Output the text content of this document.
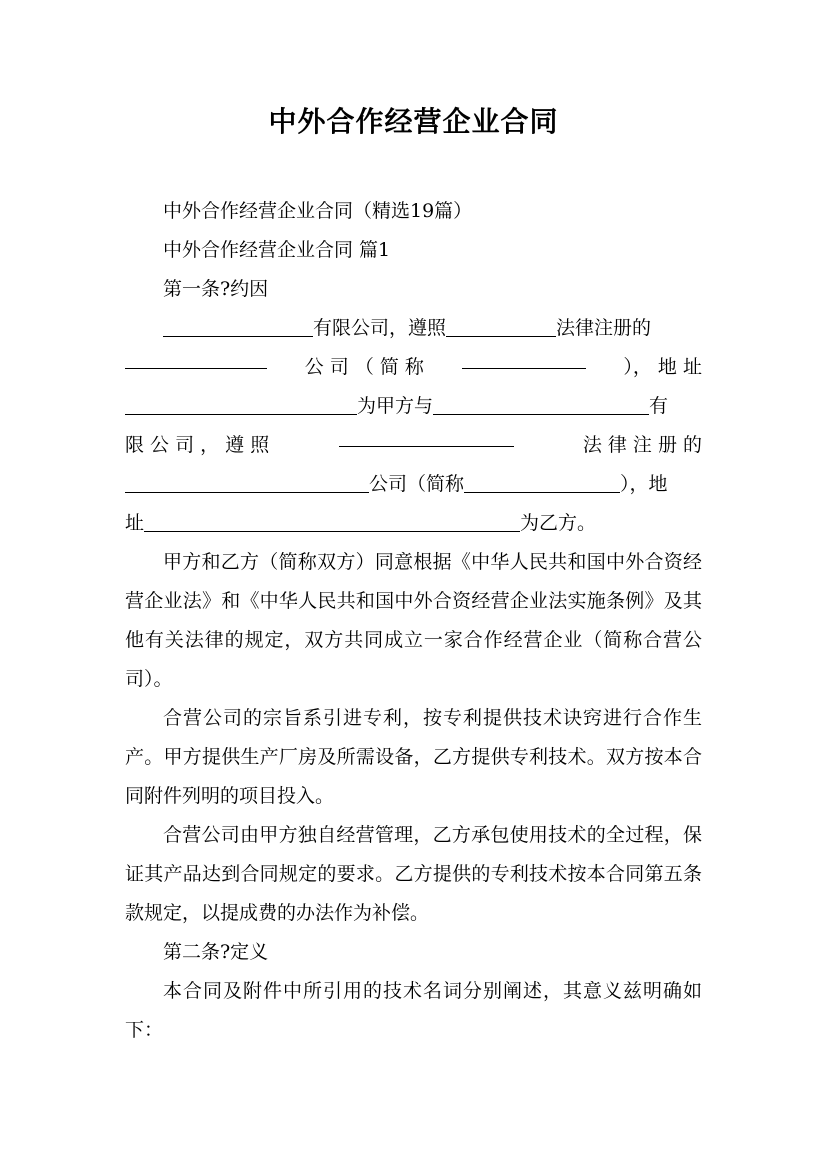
中外合作经营企业合同

中外合作经营企业合同（精选19篇）

中外合作经营企业合同 篇1

第一条?约因

有限公司，遵照	法律注册的
公 司 （ 简 称	）， 地 址
为甲方与	有
限 公 司 ， 遵 照	法 律 注 册 的
公司（简称	），地
址	为乙方。

甲方和乙方（简称双方）同意根据《中华人民共和国中外合资经营企业法》和《中华人民共和国中外合资经营企业法实施条例》及其他有关法律的规定，双方共同成立一家合作经营企业（简称合营公司）。

合营公司的宗旨系引进专利，按专利提供技术诀窍进行合作生产。甲方提供生产厂房及所需设备，乙方提供专利技术。双方按本合同附件列明的项目投入。

合营公司由甲方独自经营管理，乙方承包使用技术的全过程，保证其产品达到合同规定的要求。乙方提供的专利技术按本合同第五条款规定，以提成费的办法作为补偿。

第二条?定义

本合同及附件中所引用的技术名词分别阐述，其意义兹明确如下：
